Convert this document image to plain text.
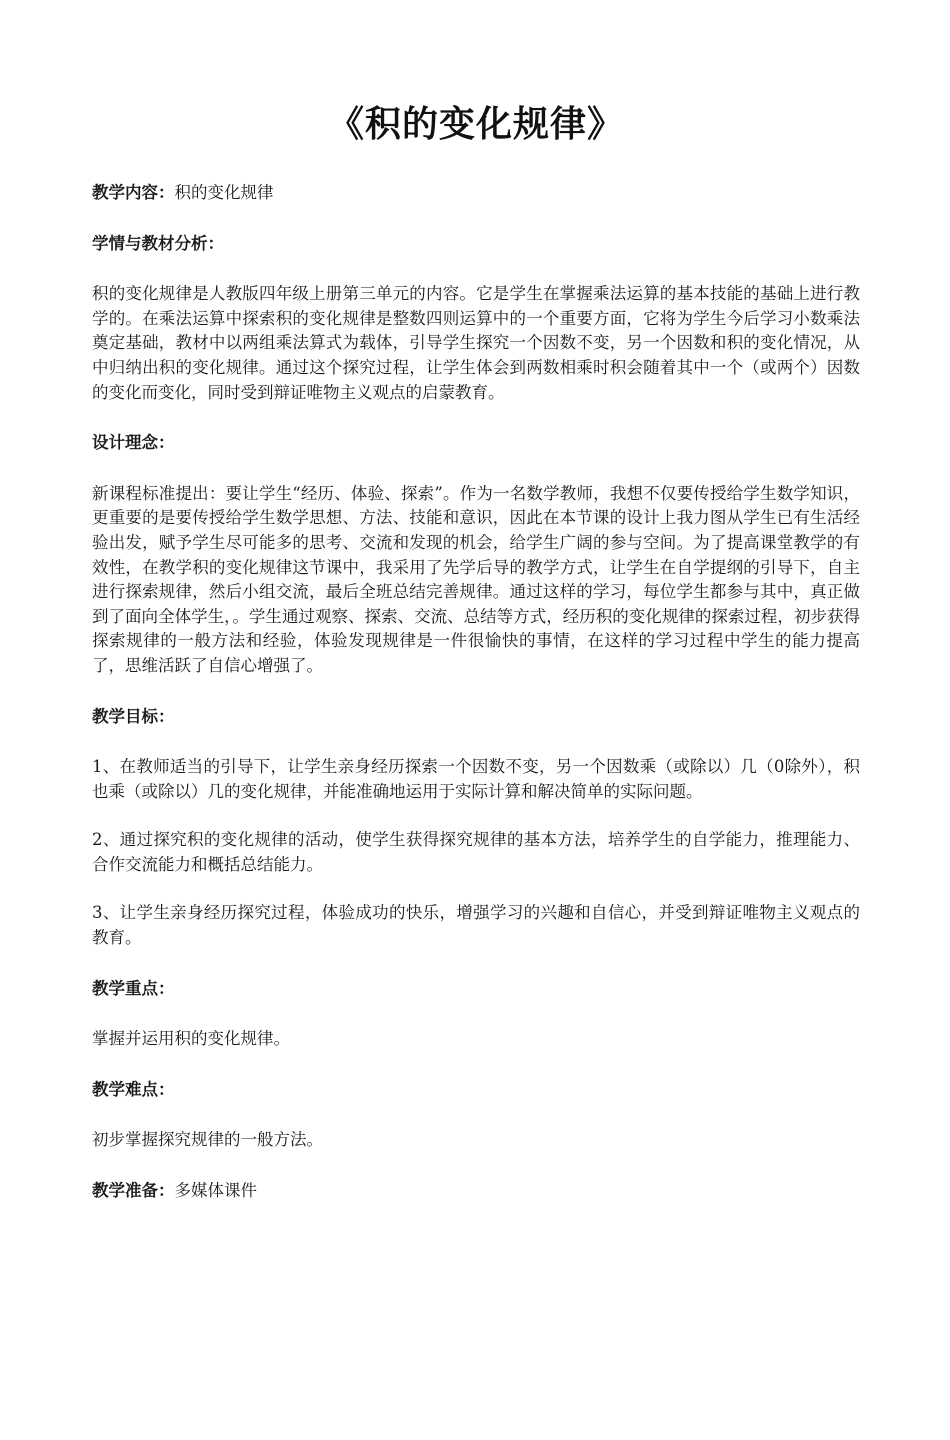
《积的变化规律》

教学内容：积的变化规律

学情与教材分析：

积的变化规律是人教版四年级上册第三单元的内容。它是学生在掌握乘法运算的基本技能的基础上进行教学的。在乘法运算中探索积的变化规律是整数四则运算中的一个重要方面，它将为学生今后学习小数乘法奠定基础，教材中以两组乘法算式为载体，引导学生探究一个因数不变，另一个因数和积的变化情况，从中归纳出积的变化规律。通过这个探究过程，让学生体会到两数相乘时积会随着其中一个（或两个）因数的变化而变化，同时受到辩证唯物主义观点的启蒙教育。

设计理念：

新课程标准提出：要让学生“经历、体验、探索”。作为一名数学教师，我想不仅要传授给学生数学知识，更重要的是要传授给学生数学思想、方法、技能和意识，因此在本节课的设计上我力图从学生已有生活经验出发，赋予学生尽可能多的思考、交流和发现的机会，给学生广阔的参与空间。为了提高课堂教学的有效性，在教学积的变化规律这节课中，我采用了先学后导的教学方式，让学生在自学提纲的引导下，自主进行探索规律，然后小组交流，最后全班总结完善规律。通过这样的学习，每位学生都参与其中，真正做到了面向全体学生，。学生通过观察、探索、交流、总结等方式，经历积的变化规律的探索过程，初步获得探索规律的一般方法和经验，体验发现规律是一件很愉快的事情，在这样的学习过程中学生的能力提高了，思维活跃了自信心增强了。

教学目标：

1、在教师适当的引导下，让学生亲身经历探索一个因数不变，另一个因数乘（或除以）几（0除外），积也乘（或除以）几的变化规律，并能准确地运用于实际计算和解决简单的实际问题。

2、通过探究积的变化规律的活动，使学生获得探究规律的基本方法，培养学生的自学能力，推理能力、合作交流能力和概括总结能力。

3、让学生亲身经历探究过程，体验成功的快乐，增强学习的兴趣和自信心，并受到辩证唯物主义观点的教育。

教学重点：

掌握并运用积的变化规律。

教学难点：

初步掌握探究规律的一般方法。

教学准备：多媒体课件
